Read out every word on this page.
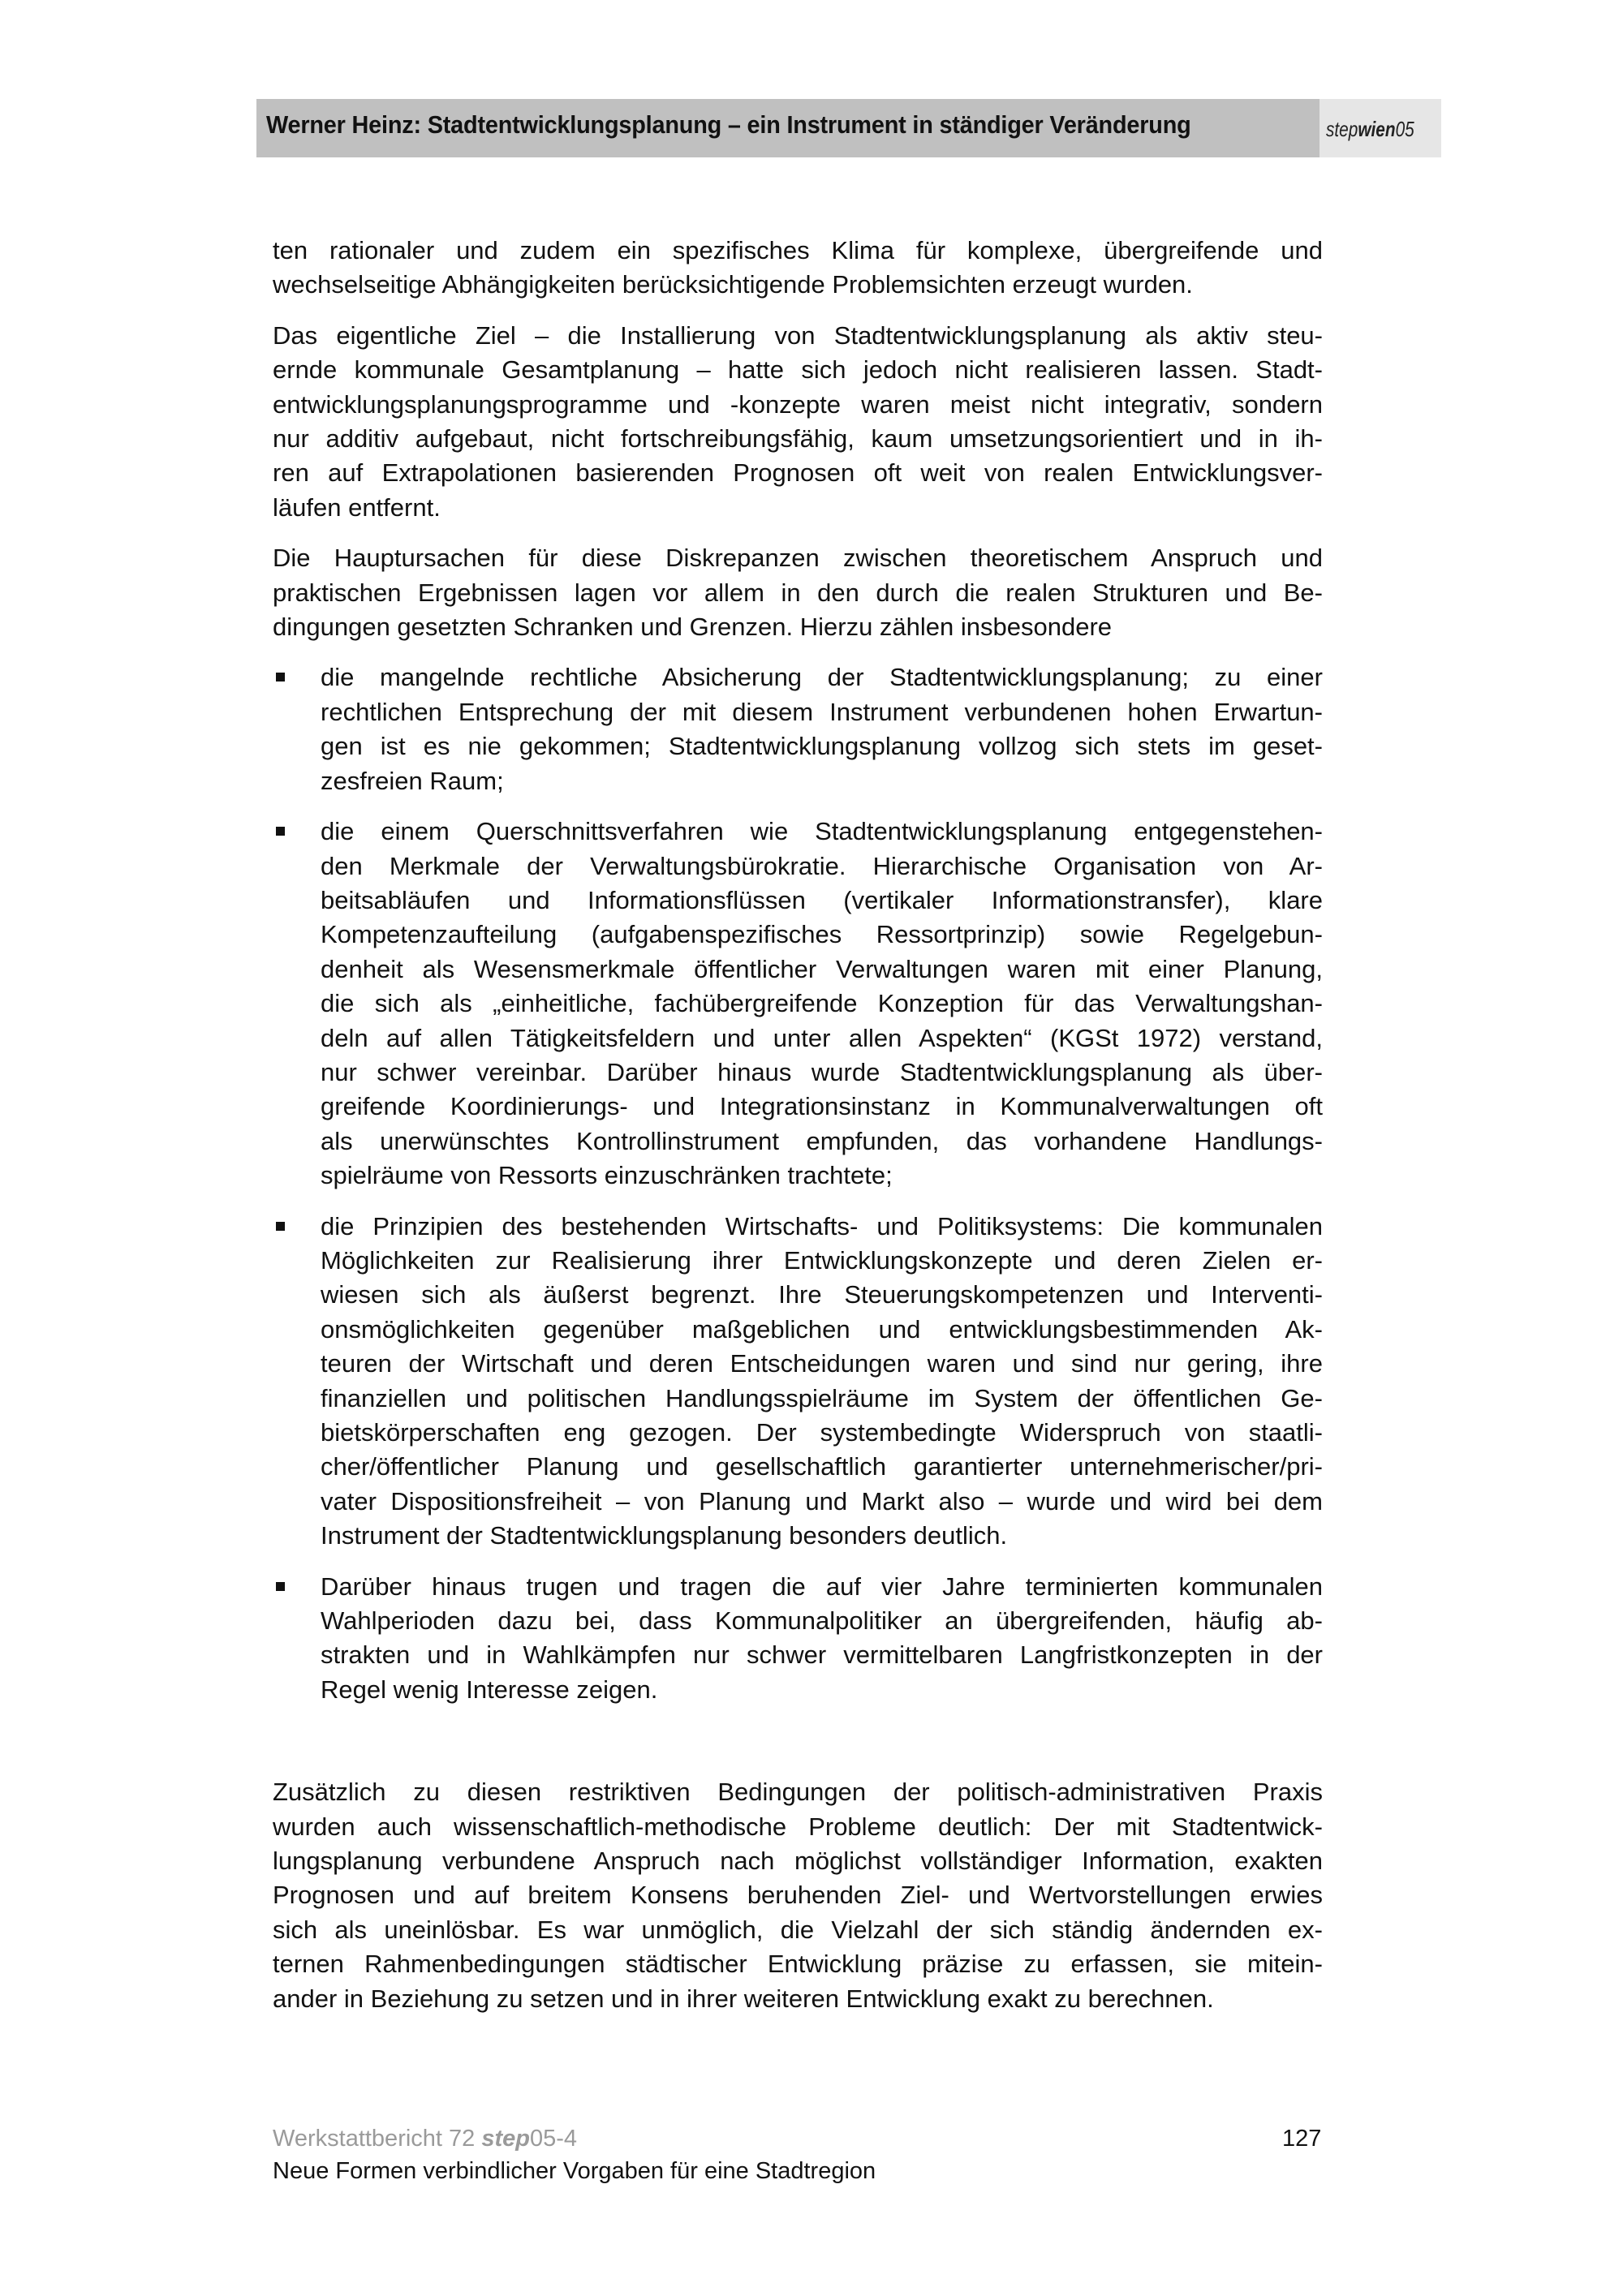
Werner Heinz: Stadtentwicklungsplanung – ein Instrument in ständiger Veränderung	stepwien05
ten rationaler und zudem ein spezifisches Klima für komplexe, übergreifende und
wechselseitige Abhängigkeiten berücksichtigende Problemsichten erzeugt wurden.
Das eigentliche Ziel – die Installierung von Stadtentwicklungsplanung als aktiv steu-
ernde kommunale Gesamtplanung – hatte sich jedoch nicht realisieren lassen. Stadt-
entwicklungsplanungsprogramme und -konzepte waren meist nicht integrativ, sondern
nur additiv aufgebaut, nicht fortschreibungsfähig, kaum umsetzungsorientiert und in ih-
ren auf Extrapolationen basierenden Prognosen oft weit von realen Entwicklungsver-
läufen entfernt.
Die Hauptursachen für diese Diskrepanzen zwischen theoretischem Anspruch und
praktischen Ergebnissen lagen vor allem in den durch die realen Strukturen und Be-
dingungen gesetzten Schranken und Grenzen. Hierzu zählen insbesondere
die mangelnde rechtliche Absicherung der Stadtentwicklungsplanung; zu einer
rechtlichen Entsprechung der mit diesem Instrument verbundenen hohen Erwartun-
gen ist es nie gekommen; Stadtentwicklungsplanung vollzog sich stets im geset-
zesfreien Raum;
die einem Querschnittsverfahren wie Stadtentwicklungsplanung entgegenstehen-
den Merkmale der Verwaltungsbürokratie. Hierarchische Organisation von Ar-
beitsabläufen und Informationsflüssen (vertikaler Informationstransfer), klare
Kompetenzaufteilung (aufgabenspezifisches Ressortprinzip) sowie Regelgebun-
denheit als Wesensmerkmale öffentlicher Verwaltungen waren mit einer Planung,
die sich als „einheitliche, fachübergreifende Konzeption für das Verwaltungshan-
deln auf allen Tätigkeitsfeldern und unter allen Aspekten“ (KGSt 1972) verstand,
nur schwer vereinbar. Darüber hinaus wurde Stadtentwicklungsplanung als über-
greifende Koordinierungs- und Integrationsinstanz in Kommunalverwaltungen oft
als unerwünschtes Kontrollinstrument empfunden, das vorhandene Handlungs-
spielräume von Ressorts einzuschränken trachtete;
die Prinzipien des bestehenden Wirtschafts- und Politiksystems: Die kommunalen
Möglichkeiten zur Realisierung ihrer Entwicklungskonzepte und deren Zielen er-
wiesen sich als äußerst begrenzt. Ihre Steuerungskompetenzen und Interventi-
onsmöglichkeiten gegenüber maßgeblichen und entwicklungsbestimmenden Ak-
teuren der Wirtschaft und deren Entscheidungen waren und sind nur gering, ihre
finanziellen und politischen Handlungsspielräume im System der öffentlichen Ge-
bietskörperschaften eng gezogen. Der systembedingte Widerspruch von staatli-
cher/öffentlicher Planung und gesellschaftlich garantierter unternehmerischer/pri-
vater Dispositionsfreiheit – von Planung und Markt also – wurde und wird bei dem
Instrument der Stadtentwicklungsplanung besonders deutlich.
Darüber hinaus trugen und tragen die auf vier Jahre terminierten kommunalen
Wahlperioden dazu bei, dass Kommunalpolitiker an übergreifenden, häufig ab-
strakten und in Wahlkämpfen nur schwer vermittelbaren Langfristkonzepten in der
Regel wenig Interesse zeigen.
Zusätzlich zu diesen restriktiven Bedingungen der politisch-administrativen Praxis
wurden auch wissenschaftlich-methodische Probleme deutlich: Der mit Stadtentwick-
lungsplanung verbundene Anspruch nach möglichst vollständiger Information, exakten
Prognosen und auf breitem Konsens beruhenden Ziel- und Wertvorstellungen erwies
sich als uneinlösbar. Es war unmöglich, die Vielzahl der sich ständig ändernden ex-
ternen Rahmenbedingungen städtischer Entwicklung präzise zu erfassen, sie mitein-
ander in Beziehung zu setzen und in ihrer weiteren Entwicklung exakt zu berechnen.
Werkstattbericht 72 step05-4
Neue Formen verbindlicher Vorgaben für eine Stadtregion
127
